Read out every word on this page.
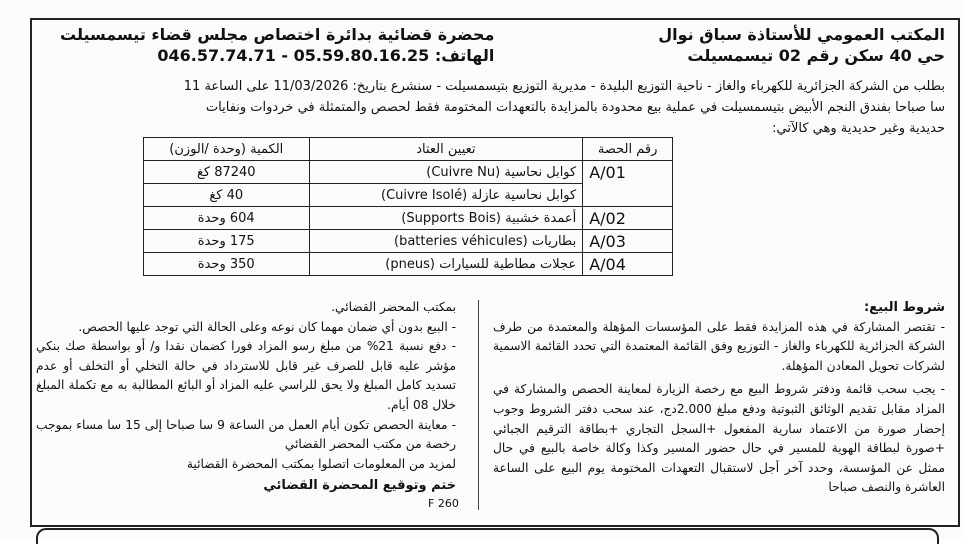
المكتب العمومي للأستاذة سباق نوال
حي 40 سكن رقم 02 تيسمسيلت
محضرة قضائية بدائرة اختصاص مجلس قضاء تيسمسيلت
الهاتف: 05.59.80.16.25 - 046.57.74.71
بطلب من الشركة الجزائرية للكهرباء والغاز - ناحية التوزيع البليدة - مديرية التوزيع بتيسمسيلت - سنشرع بتاريخ: 11/03/2026 على الساعة 11
سا صباحا بفندق النجم الأبيض بتيسمسيلت في عملية بيع محدودة بالمزايدة بالتعهدات المختومة فقط لحصص والمتمثلة في خردوات ونفايات
حديدية وغير حديدية وهي كالآتي:
رقم الحصة	تعيين العتاد	الكمية (وحدة /الوزن)
A/01	كوابل نحاسية (Cuivre Nu)	87240 كغ
	كوابل نحاسية عازلة (Cuivre Isolé)	40 كغ
A/02	أعمدة خشبية (Supports Bois)	604 وحدة
A/03	بطاريات (batteries véhicules)	175 وحدة
A/04	عجلات مطاطية للسيارات (pneus)	350 وحدة
شروط البيع:
- تقتصر المشاركة في هذه المزايدة فقط على المؤسسات المؤهلة والمعتمدة من طرف الشركة الجزائرية للكهرباء والغاز - التوزيع وفق القائمة المعتمدة التي تحدد القائمة الاسمية لشركات تحويل المعادن المؤهلة.
- يجب سحب قائمة ودفتر شروط البيع مع رخصة الزيارة لمعاينة الحصص والمشاركة في المزاد مقابل تقديم الوثائق الثبوتية ودفع مبلغ 2.000دج، عند سحب دفتر الشروط وجوب إحضار صورة من الاعتماد سارية المفعول +السجل التجاري +بطاقة الترقيم الجبائي +صورة لبطاقة الهوية للمسير في حال حضور المسير وكذا وكالة خاصة بالبيع في حال ممثل عن المؤسسة، وحدد آخر أجل لاستقبال التعهدات المختومة يوم البيع على الساعة العاشرة والنصف صباحا
بمكتب المحضر القضائي.
- البيع بدون أي ضمان مهما كان نوعه وعلى الحالة التي توجد عليها الحصص.
- دفع نسبة 21% من مبلغ رسو المزاد فورا كضمان نقدا و/ أو بواسطة صك بنكي مؤشر عليه قابل للصرف غير قابل للاسترداد في حالة التخلي أو التخلف أو عدم تسديد كامل المبلغ ولا يحق للراسي عليه المزاد أو البائع المطالبة به مع تكملة المبلغ خلال 08 أيام.
- معاينة الحصص تكون أيام العمل من الساعة 9 سا صباحا إلى 15 سا مساء بموجب رخصة من مكتب المحضر القضائي
لمزيد من المعلومات اتصلوا بمكتب المحضرة القضائية
ختم وتوقيع المحضرة القضائي
F 260
